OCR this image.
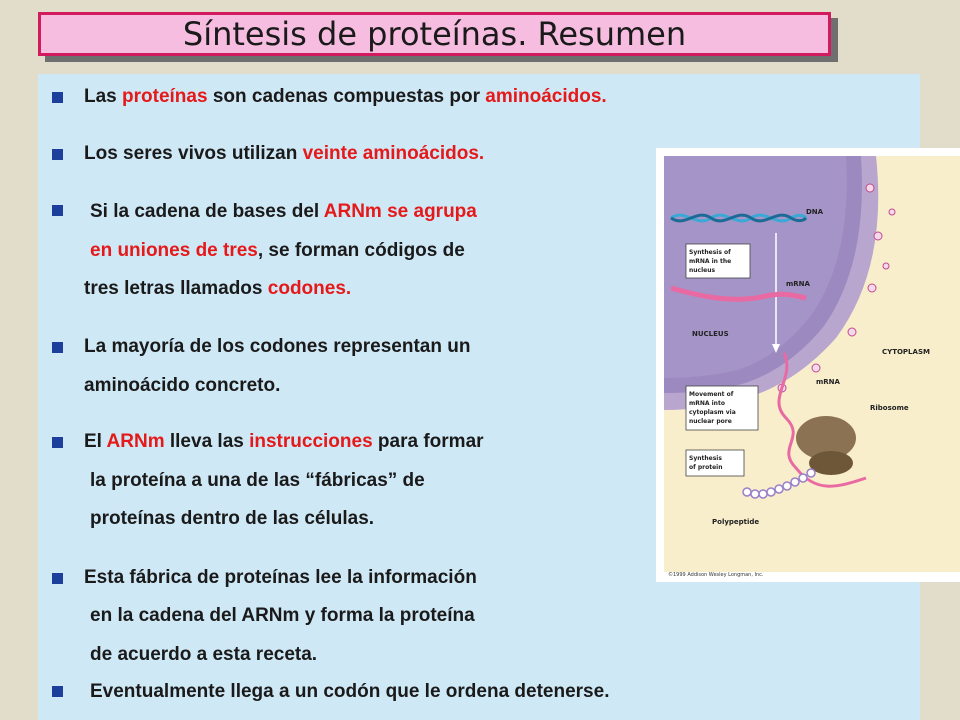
Síntesis de proteínas. Resumen
Las proteínas son cadenas compuestas por aminoácidos.
Los seres vivos utilizan veinte aminoácidos.
Si la cadena de bases del ARNm se agrupa
en uniones de tres, se forman códigos de
tres letras llamados codones.
La mayoría de los codones representan un
aminoácido concreto.
El ARNm lleva las instrucciones para formar
la proteína a una de las “fábricas” de
proteínas dentro de las células.
Esta fábrica de proteínas lee la información
en la cadena del ARNm y forma la proteína
de acuerdo a esta receta.
Eventualmente llega a un codón que le ordena detenerse.
DNA
Synthesis of mRNA in the nucleus
mRNA
NUCLEUS
CYTOPLASM
mRNA
Movement of mRNA into cytoplasm via nuclear pore
Ribosome
Synthesis of protein
Polypeptide
©1999 Addison Wesley Longman, Inc.
